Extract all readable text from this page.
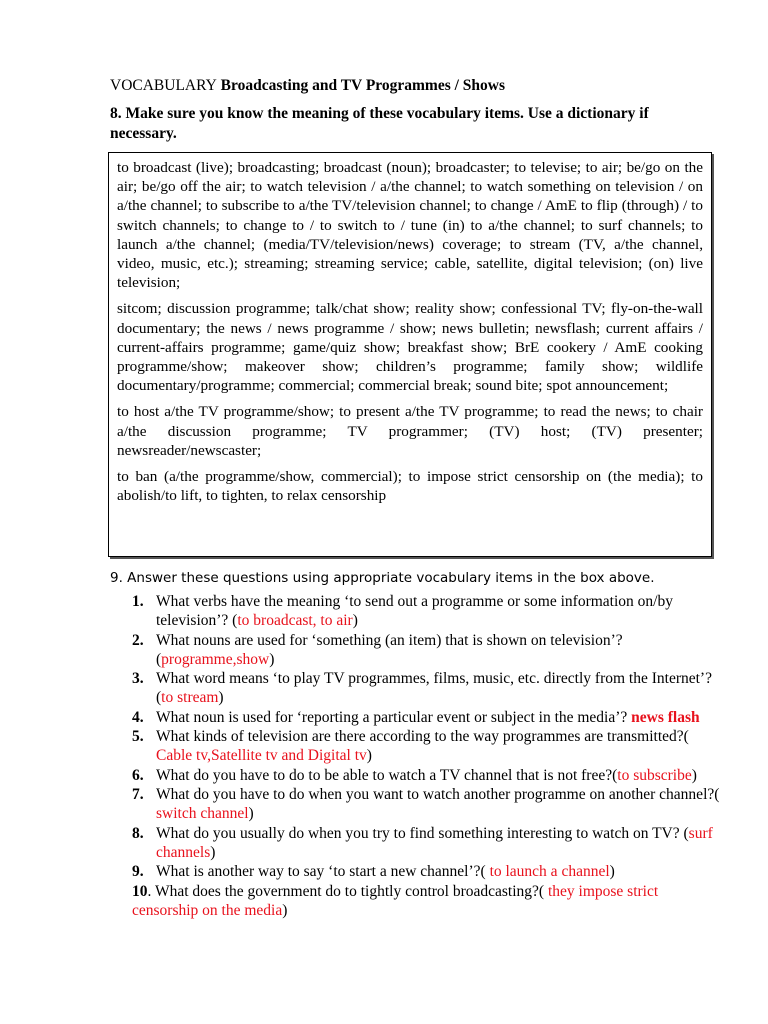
VOCABULARY Broadcasting and TV Programmes / Shows
8. Make sure you know the meaning of these vocabulary items. Use a dictionary if necessary.

to broadcast (live); broadcasting; broadcast (noun); broadcaster; to televise; to air; be/go on the air; be/go off the air; to watch television / a/the channel; to watch something on television / on a/the channel; to subscribe to a/the TV/television channel; to change / AmE to flip (through) / to switch channels; to change to / to switch to / tune (in) to a/the channel; to surf channels; to launch a/the channel; (media/TV/television/news) coverage; to stream (TV, a/the channel, video, music, etc.); streaming; streaming service; cable, satellite, digital television; (on) live television;

sitcom; discussion programme; talk/chat show; reality show; confessional TV; fly-on-the-wall documentary; the news / news programme / show; news bulletin; newsflash; current affairs / current-affairs programme; game/quiz show; breakfast show; BrE cookery / AmE cooking programme/show; makeover show; children’s programme; family show; wildlife documentary/programme; commercial; commercial break; sound bite; spot announcement;

to host a/the TV programme/show; to present a/the TV programme; to read the news; to chair a/the discussion programme; TV programmer; (TV) host; (TV) presenter; newsreader/newscaster;

to ban (a/the programme/show, commercial); to impose strict censorship on (the media); to abolish/to lift, to tighten, to relax censorship

9. Answer these questions using appropriate vocabulary items in the box above.
1. What verbs have the meaning ‘to send out a programme or some information on/by television’? (to broadcast, to air)
2. What nouns are used for ‘something (an item) that is shown on television’? (programme,show)
3. What word means ‘to play TV programmes, films, music, etc. directly from the Internet’? (to stream)
4. What noun is used for ‘reporting a particular event or subject in the media’? news flash
5. What kinds of television are there according to the way programmes are transmitted?( Cable tv,Satellite tv and Digital tv)
6. What do you have to do to be able to watch a TV channel that is not free?(to subscribe)
7. What do you have to do when you want to watch another programme on another channel?( switch channel)
8. What do you usually do when you try to find something interesting to watch on TV? (surf channels)
9. What is another way to say ‘to start a new channel’?( to launch a channel)
10. What does the government do to tightly control broadcasting?( they impose strict censorship on the media)
